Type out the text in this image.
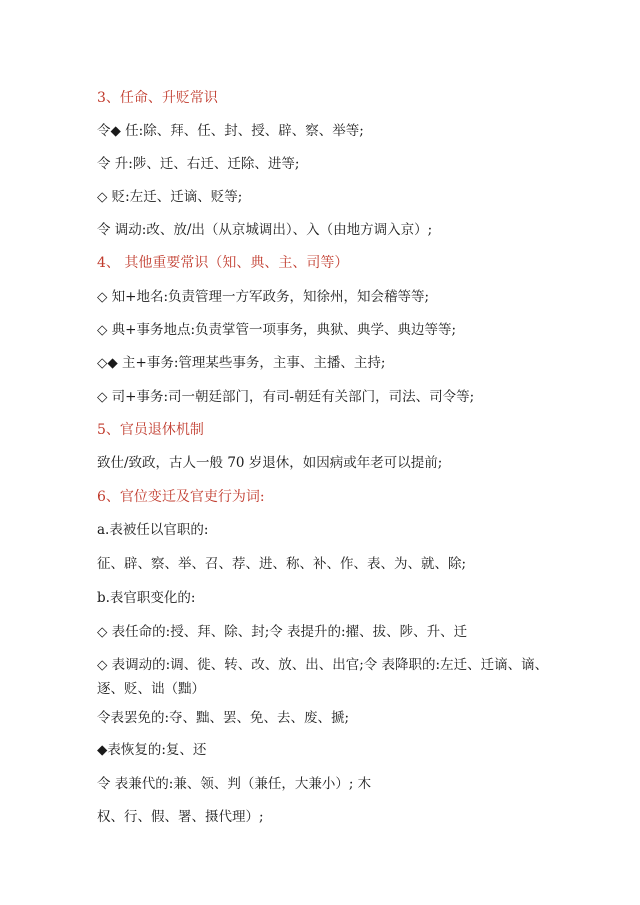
3、任命、升贬常识
令◆ 任:除、拜、任、封、授、辟、察、举等;
令 升:陟、迁、右迁、迁除、进等;
◇ 贬:左迁、迁谪、贬等;
令 调动:改、放/出（从京城调出）、入（由地方调入京）;
4、 其他重要常识（知、典、主、司等）
◇ 知+地名:负责管理一方军政务，知徐州，知会稽等等;
◇ 典+事务地点:负责掌管一项事务，典狱、典学、典边等等;
◇◆ 主+事务:管理某些事务，主事、主播、主持;
◇ 司+事务:司一朝廷部门，有司-朝廷有关部门，司法、司令等;
5、官员退休机制
致仕/致政，古人一般 70 岁退休，如因病或年老可以提前;
6、官位变迁及官吏行为词:
a.表被任以官职的:
征、辟、察、举、召、荐、进、称、补、作、表、为、就、除;
b.表官职变化的:
◇ 表任命的:授、拜、除、封;令 表提升的:擢、拔、陟、升、迁
◇ 表调动的:调、徙、转、改、放、出、出官;令 表降职的:左迁、迁谪、谪、逐、贬、诎（黜）
令表罢免的:夺、黜、罢、免、去、废、搋;
◆表恢复的:复、还
令 表兼代的:兼、领、判（兼任，大兼小）; 木
权、行、假、署、摄代理）;
